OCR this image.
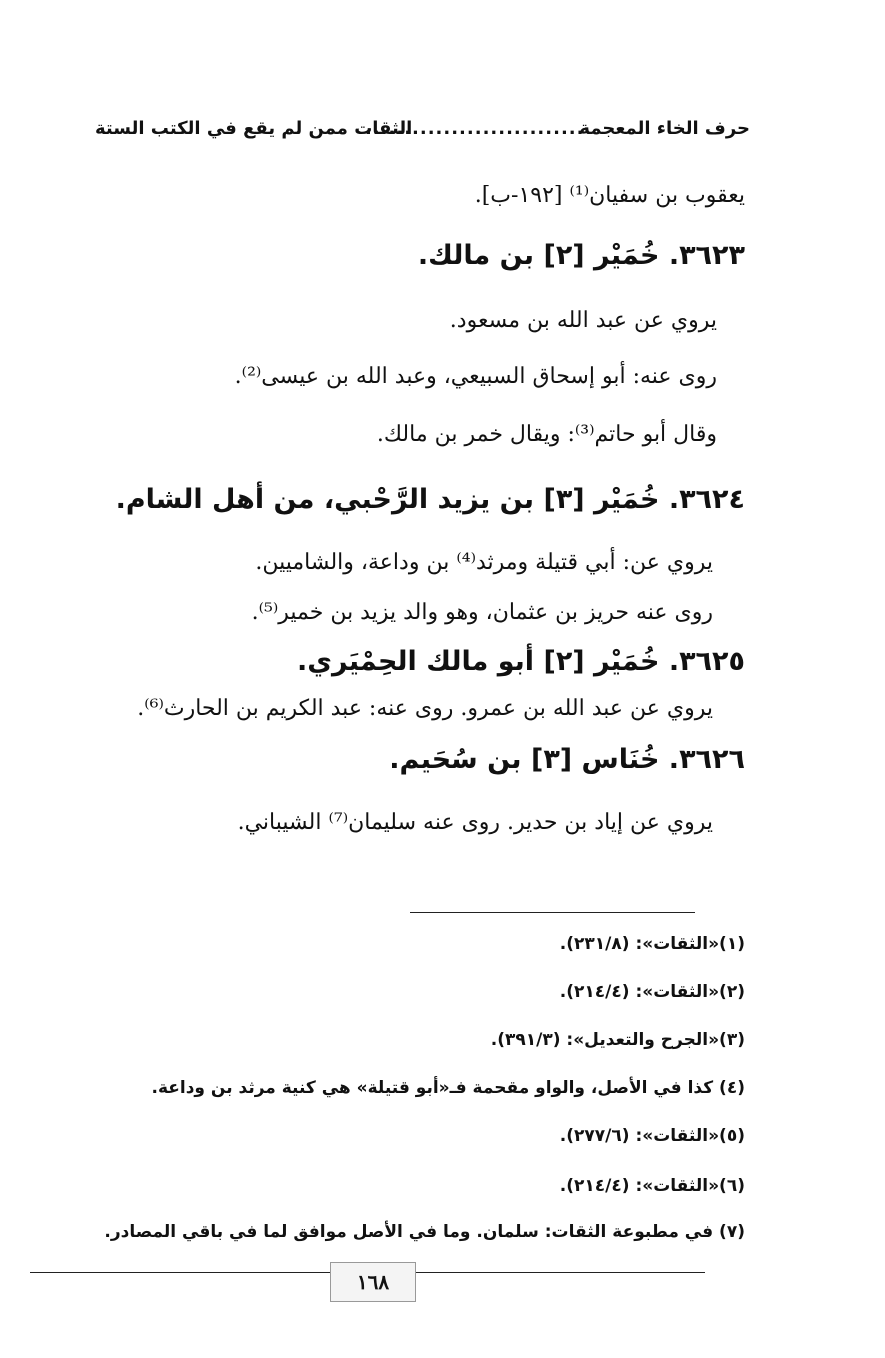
حرف الخاء المعجمة
............................
الثقات ممن لم يقع في الكتب الستة
يعقوب بن سفيان⁽¹⁾ [١٩٢-ب].
٣٦٢٣. خُمَيْر [٢] بن مالك.
يروي عن عبد الله بن مسعود.
روى عنه: أبو إسحاق السبيعي، وعبد الله بن عيسى⁽²⁾.
وقال أبو حاتم⁽³⁾: ويقال خمر بن مالك.
٣٦٢٤. خُمَيْر [٣] بن يزيد الرَّحْبي، من أهل الشام.
يروي عن: أبي قتيلة ومرثد⁽⁴⁾ بن وداعة، والشاميين.
روى عنه حريز بن عثمان، وهو والد يزيد بن خمير⁽⁵⁾.
٣٦٢٥. خُمَيْر [٢] أبو مالك الحِمْيَري.
يروي عن عبد الله بن عمرو. روى عنه: عبد الكريم بن الحارث⁽⁶⁾.
٣٦٢٦. خُنَاس [٣] بن سُحَيم.
يروي عن إياد بن حدير. روى عنه سليمان⁽⁷⁾ الشيباني.
(١)«الثقات»: (٢٣١/٨).
(٢)«الثقات»: (٢١٤/٤).
(٣)«الجرح والتعديل»: (٣٩١/٣).
(٤) كذا في الأصل، والواو مقحمة فـ«أبو قتيلة» هي كنية مرثد بن وداعة.
(٥)«الثقات»: (٢٧٧/٦).
(٦)«الثقات»: (٢١٤/٤).
(٧) في مطبوعة الثقات: سلمان. وما في الأصل موافق لما في باقي المصادر.
١٦٨
